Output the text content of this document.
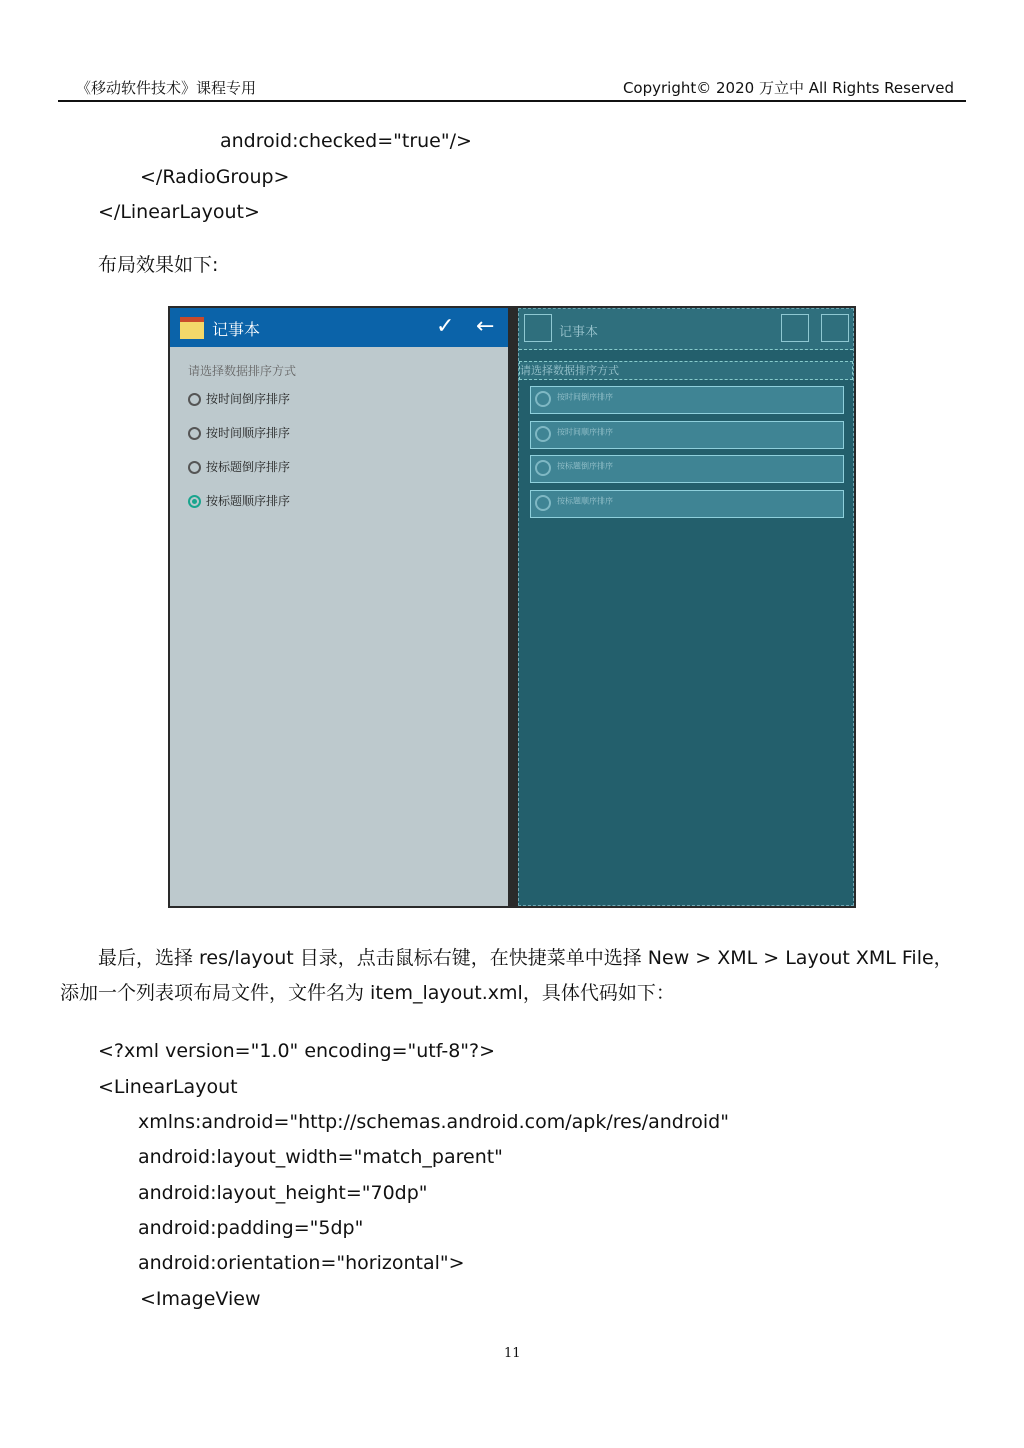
《移动软件技术》课程专用	Copyright© 2020 万立中 All Rights Reserved
android:checked="true"/>
</RadioGroup>
</LinearLayout>
布局效果如下:
记事本	✓ ←
请选择数据排序方式
按时间倒序排序
按时间顺序排序
按标题倒序排序
按标题顺序排序
记事本
请选择数据排序方式
按时间倒序排序
按时间顺序排序
按标题倒序排序
按标题顺序排序
最后，选择 res/layout 目录，点击鼠标右键，在快捷菜单中选择 New > XML > Layout XML File，
添加一个列表项布局文件，文件名为 item_layout.xml，具体代码如下：
<?xml version="1.0" encoding="utf-8"?>
<LinearLayout
xmlns:android="http://schemas.android.com/apk/res/android"
android:layout_width="match_parent"
android:layout_height="70dp"
android:padding="5dp"
android:orientation="horizontal">
<ImageView
11
